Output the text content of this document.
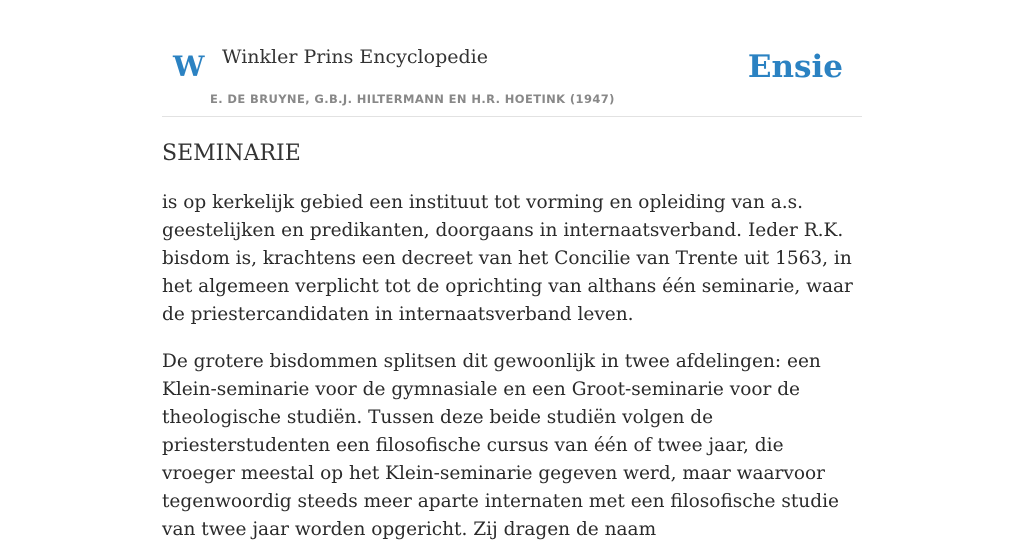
W Winkler Prins Encyclopedie
E. DE BRUYNE, G.B.J. HILTERMANN EN H.R. HOETINK (1947)
Ensie
SEMINARIE

is op kerkelijk gebied een instituut tot vorming en opleiding van a.s. geestelijken en predikanten, doorgaans in internaatsverband. Ieder R.K. bisdom is, krachtens een decreet van het Concilie van Trente uit 1563, in het algemeen verplicht tot de oprichting van althans één seminarie, waar de priestercandidaten in internaatsverband leven.

De grotere bisdommen splitsen dit gewoonlijk in twee afdelingen: een Klein-seminarie voor de gymnasiale en een Groot-seminarie voor de theologische studiën. Tussen deze beide studiën volgen de priesterstudenten een filosofische cursus van één of twee jaar, die vroeger meestal op het Klein-seminarie gegeven werd, maar waarvoor tegenwoordig steeds meer aparte internaten met een filosofische studie van twee jaar worden opgericht. Zij dragen de naam
